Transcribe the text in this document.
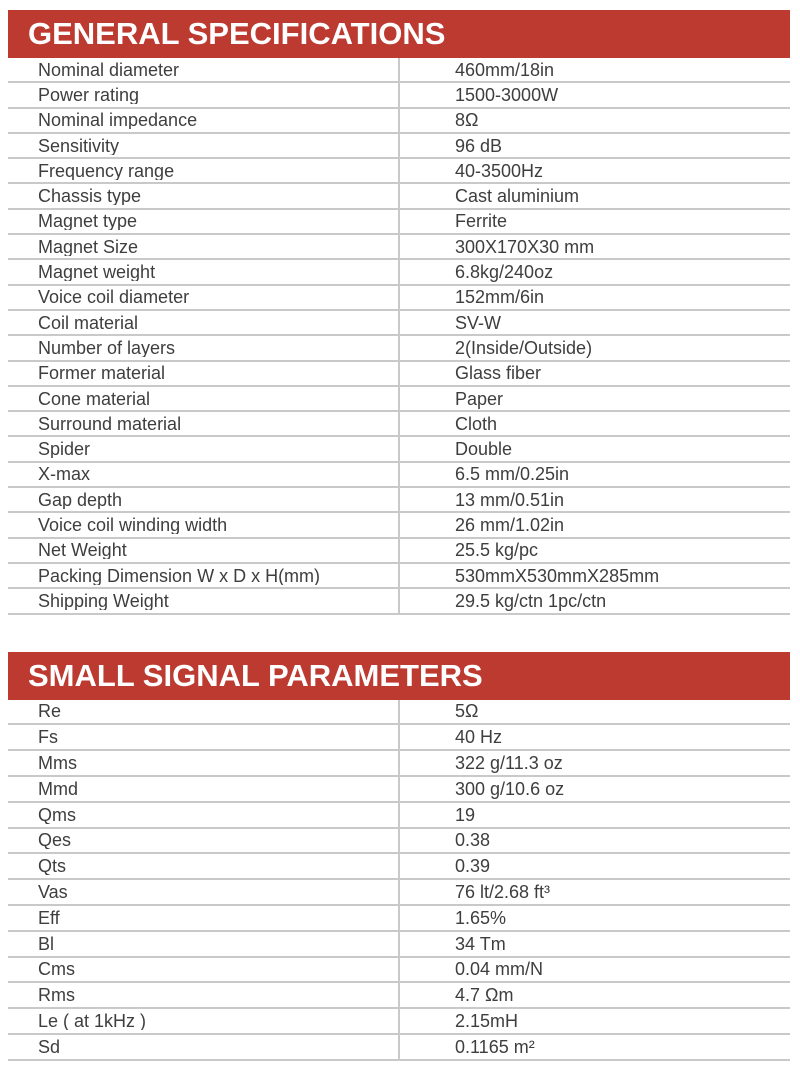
GENERAL SPECIFICATIONS
Nominal diameter	460mm/18in
Power rating	1500-3000W
Nominal impedance	8Ω
Sensitivity	96 dB
Frequency range	40-3500Hz
Chassis type	Cast aluminium
Magnet type	Ferrite
Magnet Size	300X170X30 mm
Magnet weight	6.8kg/240oz
Voice coil diameter	152mm/6in
Coil material	SV-W
Number of layers	2(Inside/Outside)
Former material	Glass fiber
Cone material	Paper
Surround material	Cloth
Spider	Double
X-max	6.5 mm/0.25in
Gap depth	13 mm/0.51in
Voice coil winding width	26 mm/1.02in
Net Weight	25.5 kg/pc
Packing Dimension W x D x H(mm)	530mmX530mmX285mm
Shipping Weight	29.5 kg/ctn 1pc/ctn
SMALL SIGNAL PARAMETERS
Re	5Ω
Fs	40 Hz
Mms	322 g/11.3 oz
Mmd	300 g/10.6 oz
Qms	19
Qes	0.38
Qts	0.39
Vas	76 lt/2.68 ft³
Eff	1.65%
Bl	34 Tm
Cms	0.04 mm/N
Rms	4.7 Ωm
Le ( at 1kHz )	2.15mH
Sd	0.1165 m²
